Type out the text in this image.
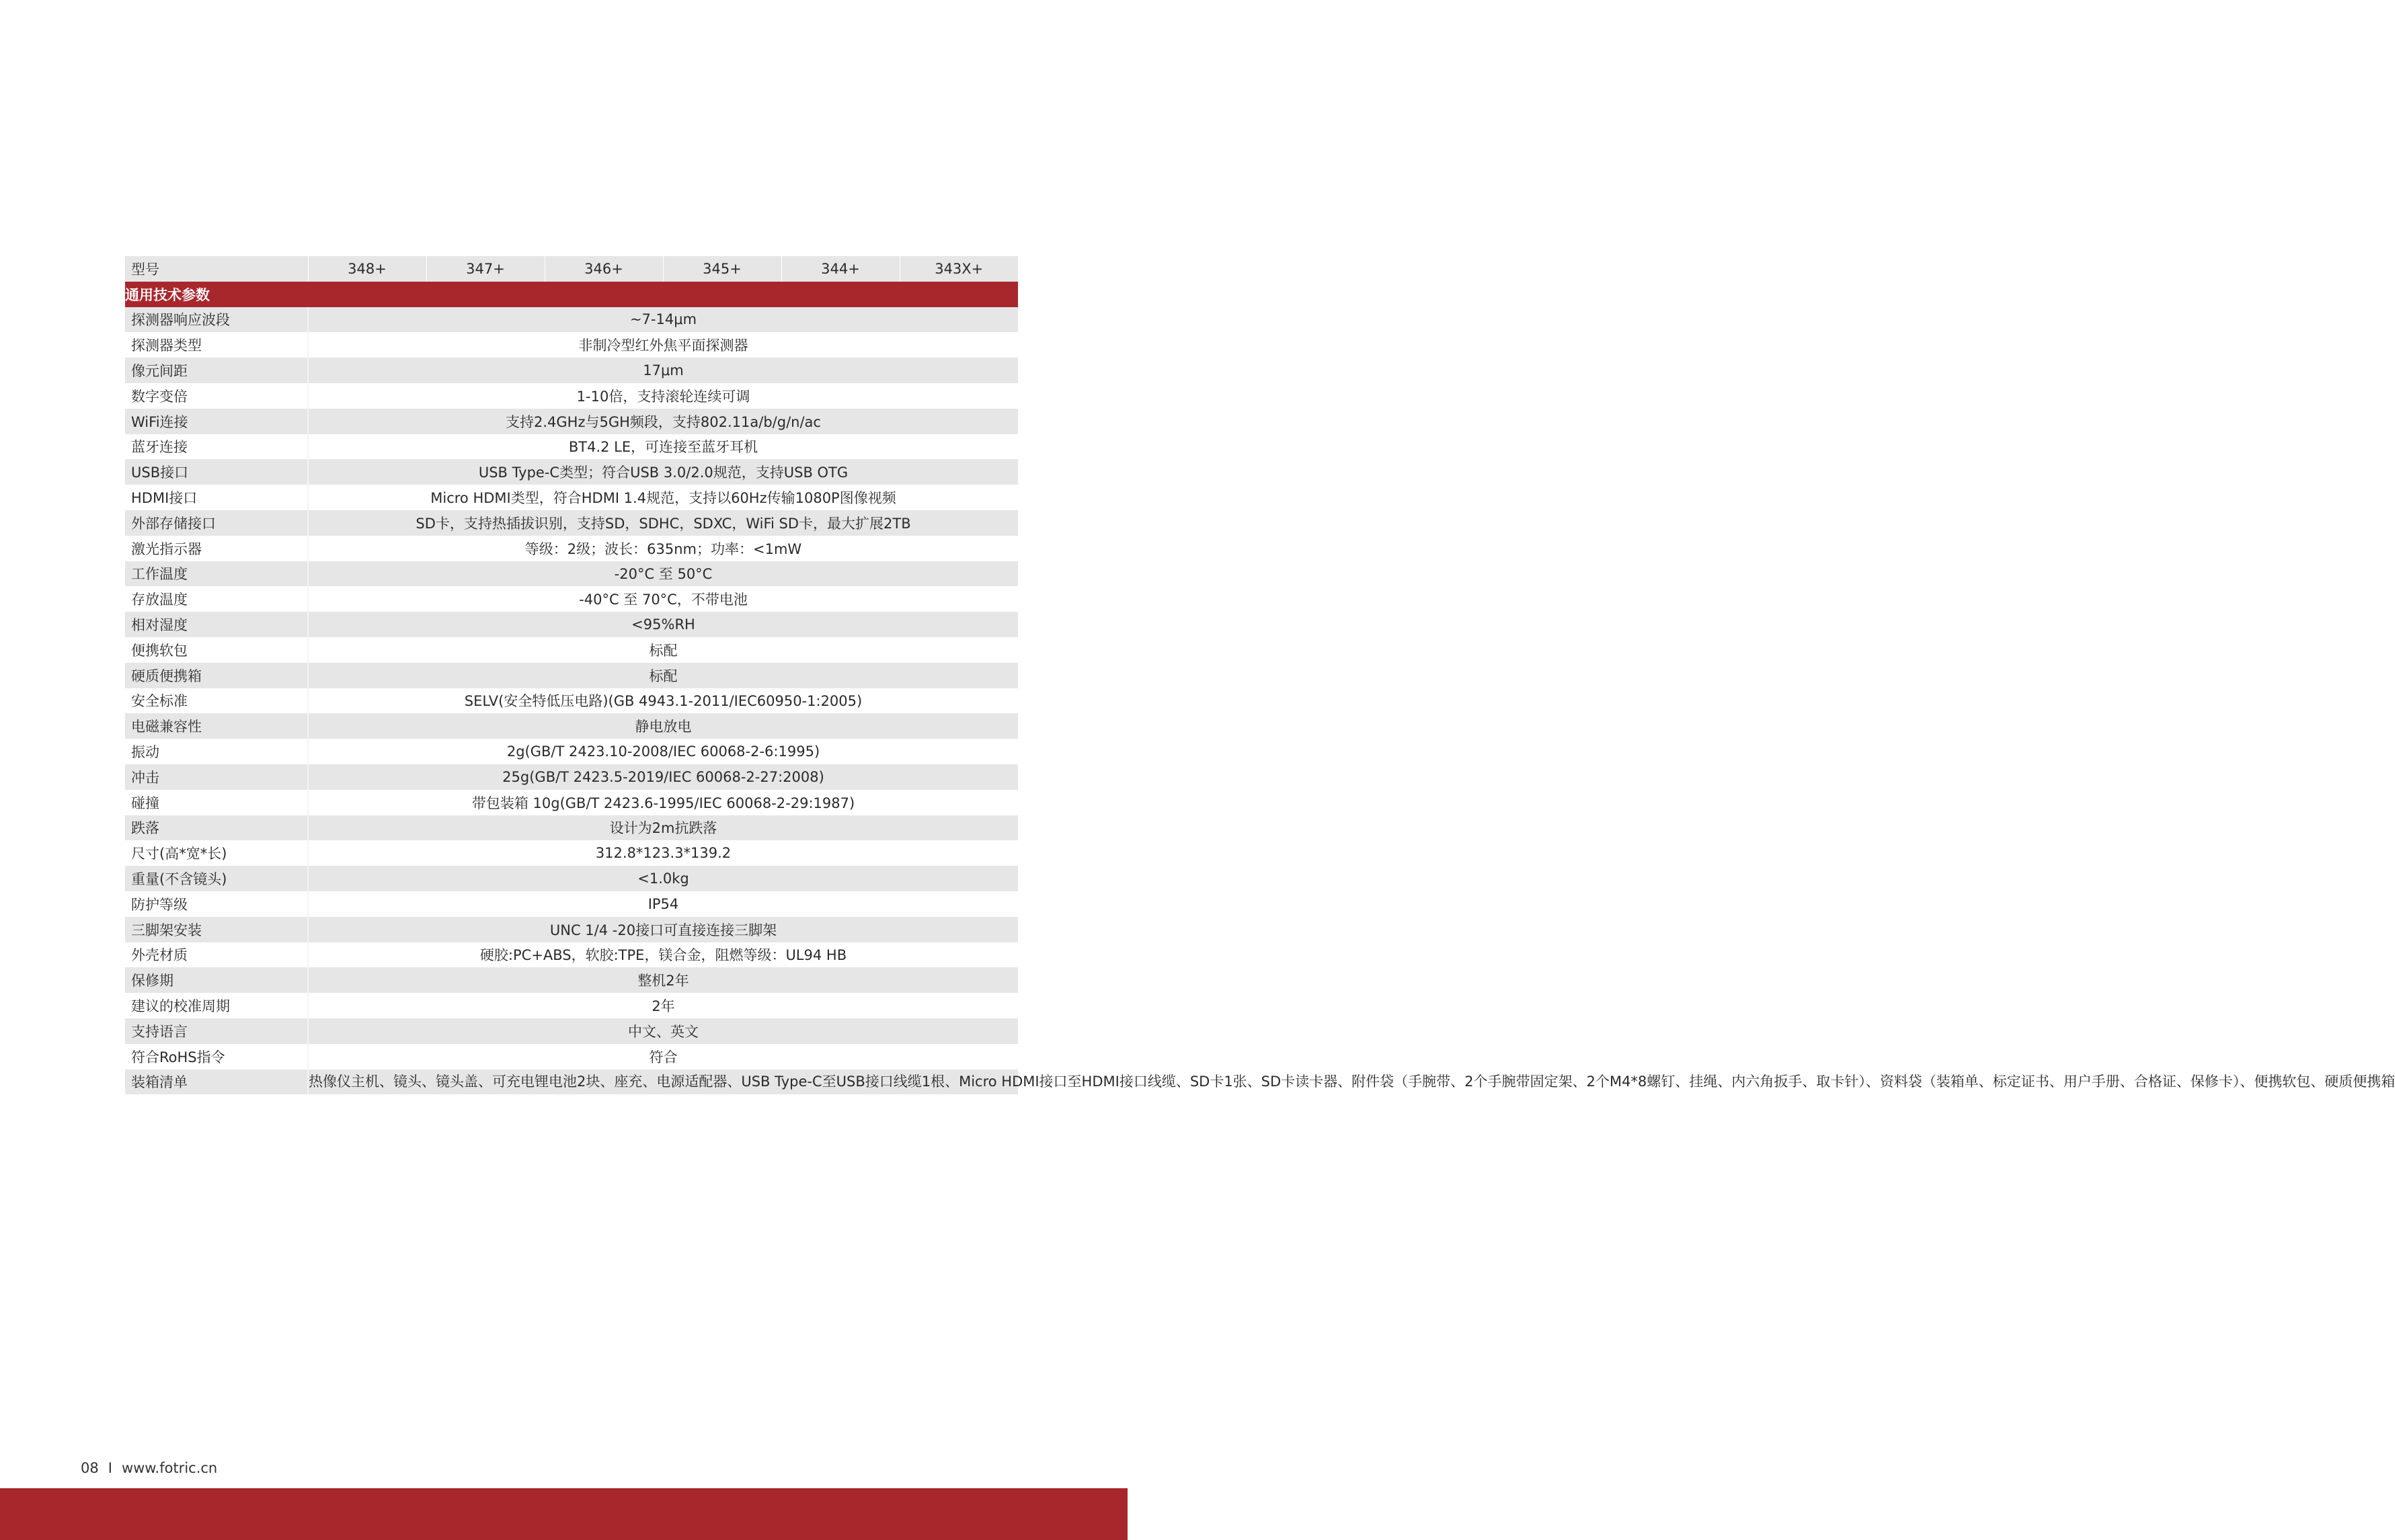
型号	348+	347+	346+	345+	344+	343X+
通用技术参数						
探测器响应波段	~7-14μm					
探测器类型	非制冷型红外焦平面探测器					
像元间距	17μm					
数字变倍	1-10倍，支持滚轮连续可调					
WiFi连接	支持2.4GHz与5GH频段，支持802.11a/b/g/n/ac					
蓝牙连接	BT4.2 LE，可连接至蓝牙耳机					
USB接口	USB Type-C类型；符合USB 3.0/2.0规范，支持USB OTG					
HDMI接口	Micro HDMI类型，符合HDMI 1.4规范，支持以60Hz传输1080P图像视频					
外部存储接口	SD卡，支持热插拔识别，支持SD，SDHC，SDXC，WiFi SD卡，最大扩展2TB					
激光指示器	等级：2级；波长：635nm；功率：<1mW					
工作温度	-20°C 至 50°C					
存放温度	-40°C 至 70°C，不带电池					
相对湿度	<95%RH					
便携软包	标配					
硬质便携箱	标配					
安全标准	SELV(安全特低压电路)(GB 4943.1-2011/IEC60950-1:2005)					
电磁兼容性	静电放电					
振动	2g(GB/T 2423.10-2008/IEC 60068-2-6:1995)					
冲击	25g(GB/T 2423.5-2019/IEC 60068-2-27:2008)					
碰撞	带包装箱 10g(GB/T 2423.6-1995/IEC 60068-2-29:1987)					
跌落	设计为2m抗跌落					
尺寸(高*宽*长)	312.8*123.3*139.2					
重量(不含镜头)	<1.0kg					
防护等级	IP54					
三脚架安装	UNC 1/4 -20接口可直接连接三脚架					
外壳材质	硬胶:PC+ABS，软胶:TPE，镁合金，阻燃等级：UL94 HB					
保修期	整机2年					
建议的校准周期	2年					
支持语言	中文、英文					
符合RoHS指令	符合					
装箱清单	热像仪主机、镜头、镜头盖、可充电锂电池2块、座充、电源适配器、USB Type-C至USB接口线缆1根、Micro HDMI接口至HDMI接口线缆、SD卡1张、SD卡读卡器、附件袋（手腕带、2个手腕带固定架、2个M4*8螺钉、挂绳、内六角扳手、取卡针）、资料袋（装箱单、标定证书、用户手册、合格证、保修卡）、便携软包、硬质便携箱					
08 I www.fotric.cn
